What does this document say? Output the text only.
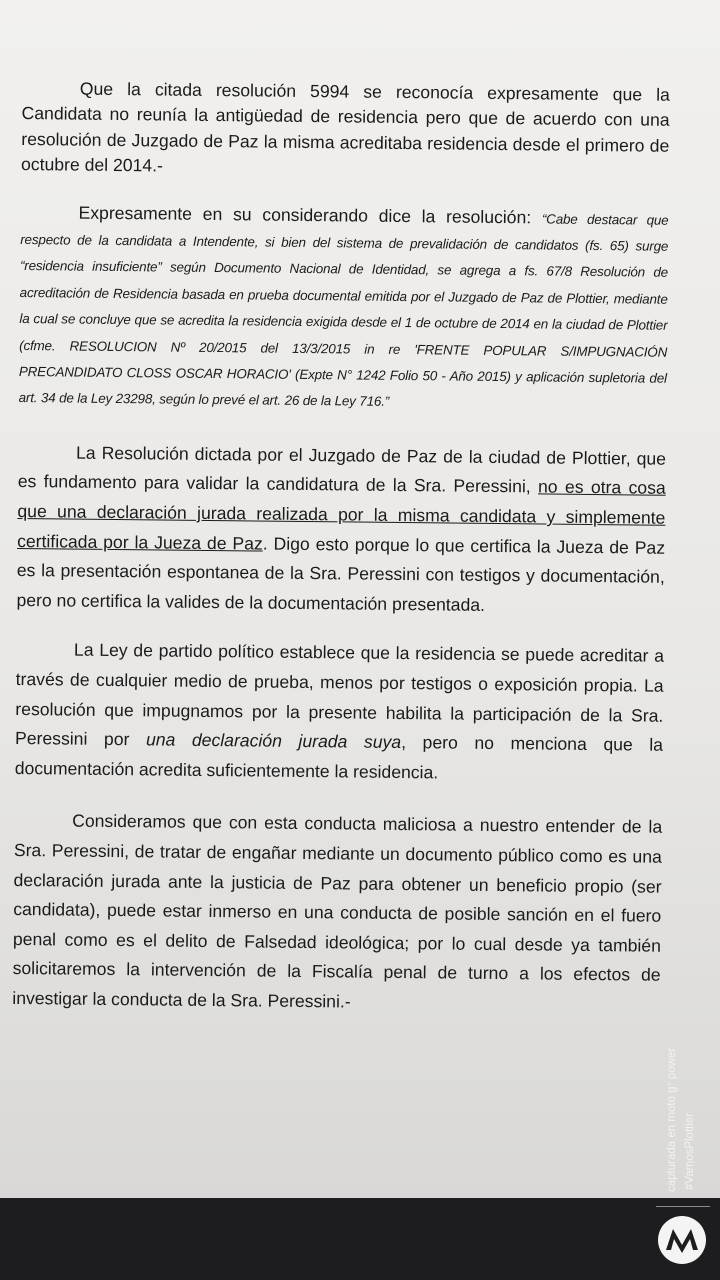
Que la citada resolución 5994 se reconocía expresamente que la Candidata no reunía la antigüedad de residencia pero que de acuerdo con una resolución de Juzgado de Paz la misma acreditaba residencia desde el primero de octubre del 2014.-

Expresamente en su considerando dice la resolución: “Cabe destacar que respecto de la candidata a Intendente, si bien del sistema de prevalidación de candidatos (fs. 65) surge “residencia insuficiente” según Documento Nacional de Identidad, se agrega a fs. 67/8 Resolución de acreditación de Residencia basada en prueba documental emitida por el Juzgado de Paz de Plottier, mediante la cual se concluye que se acredita la residencia exigida desde el 1 de octubre de 2014 en la ciudad de Plottier (cfme. RESOLUCION Nº 20/2015 del 13/3/2015 in re 'FRENTE POPULAR S/IMPUGNACIÓN PRECANDIDATO CLOSS OSCAR HORACIO' (Expte N° 1242 Folio 50 - Año 2015) y aplicación supletoria del art. 34 de la Ley 23298, según lo prevé el art. 26 de la Ley 716.”

La Resolución dictada por el Juzgado de Paz de la ciudad de Plottier, que es fundamento para validar la candidatura de la Sra. Peressini, no es otra cosa que una declaración jurada realizada por la misma candidata y simplemente certificada por la Jueza de Paz. Digo esto porque lo que certifica la Jueza de Paz es la presentación espontanea de la Sra. Peressini con testigos y documentación, pero no certifica la valides de la documentación presentada.

La Ley de partido político establece que la residencia se puede acreditar a través de cualquier medio de prueba, menos por testigos o exposición propia. La resolución que impugnamos por la presente habilita la participación de la Sra. Peressini por una declaración jurada suya, pero no menciona que la documentación acredita suficientemente la residencia.

Consideramos que con esta conducta maliciosa a nuestro entender de la Sra. Peressini, de tratar de engañar mediante un documento público como es una declaración jurada ante la justicia de Paz para obtener un beneficio propio (ser candidata), puede estar inmerso en una conducta de posible sanción en el fuero penal como es el delito de Falsedad ideológica; por lo cual desde ya también solicitaremos la intervención de la Fiscalía penal de turno a los efectos de investigar la conducta de la Sra. Peressini.-

capturada en moto g⁷ power #VamosPlottier
